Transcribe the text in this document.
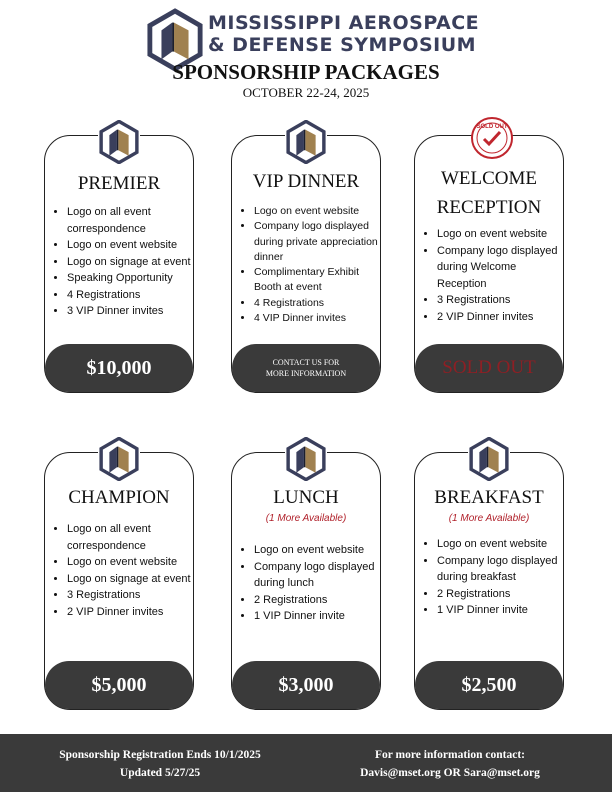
MISSISSIPPI AEROSPACE
& DEFENSE SYMPOSIUM
SPONSORSHIP PACKAGES
OCTOBER 22-24, 2025
PREMIER
• Logo on all event correspondence
• Logo on event website
• Logo on signage at event
• Speaking Opportunity
• 4 Registrations
• 3 VIP Dinner invites
$10,000
VIP DINNER
• Logo on event website
• Company logo displayed during private appreciation dinner
• Complimentary Exhibit Booth at event
• 4 Registrations
• 4 VIP Dinner invites
CONTACT US FOR
MORE INFORMATION
SOLD OUT
WELCOME
RECEPTION
• Logo on event website
• Company logo displayed during Welcome Reception
• 3 Registrations
• 2 VIP Dinner invites
SOLD OUT
CHAMPION
• Logo on all event correspondence
• Logo on event website
• Logo on signage at event
• 3 Registrations
• 2 VIP Dinner invites
$5,000
LUNCH
(1 More Available)
• Logo on event website
• Company logo displayed during lunch
• 2 Registrations
• 1 VIP Dinner invite
$3,000
BREAKFAST
(1 More Available)
• Logo on event website
• Company logo displayed during breakfast
• 2 Registrations
• 1 VIP Dinner invite
$2,500
Sponsorship Registration Ends 10/1/2025
Updated 5/27/25
For more information contact:
Davis@mset.org OR Sara@mset.org
